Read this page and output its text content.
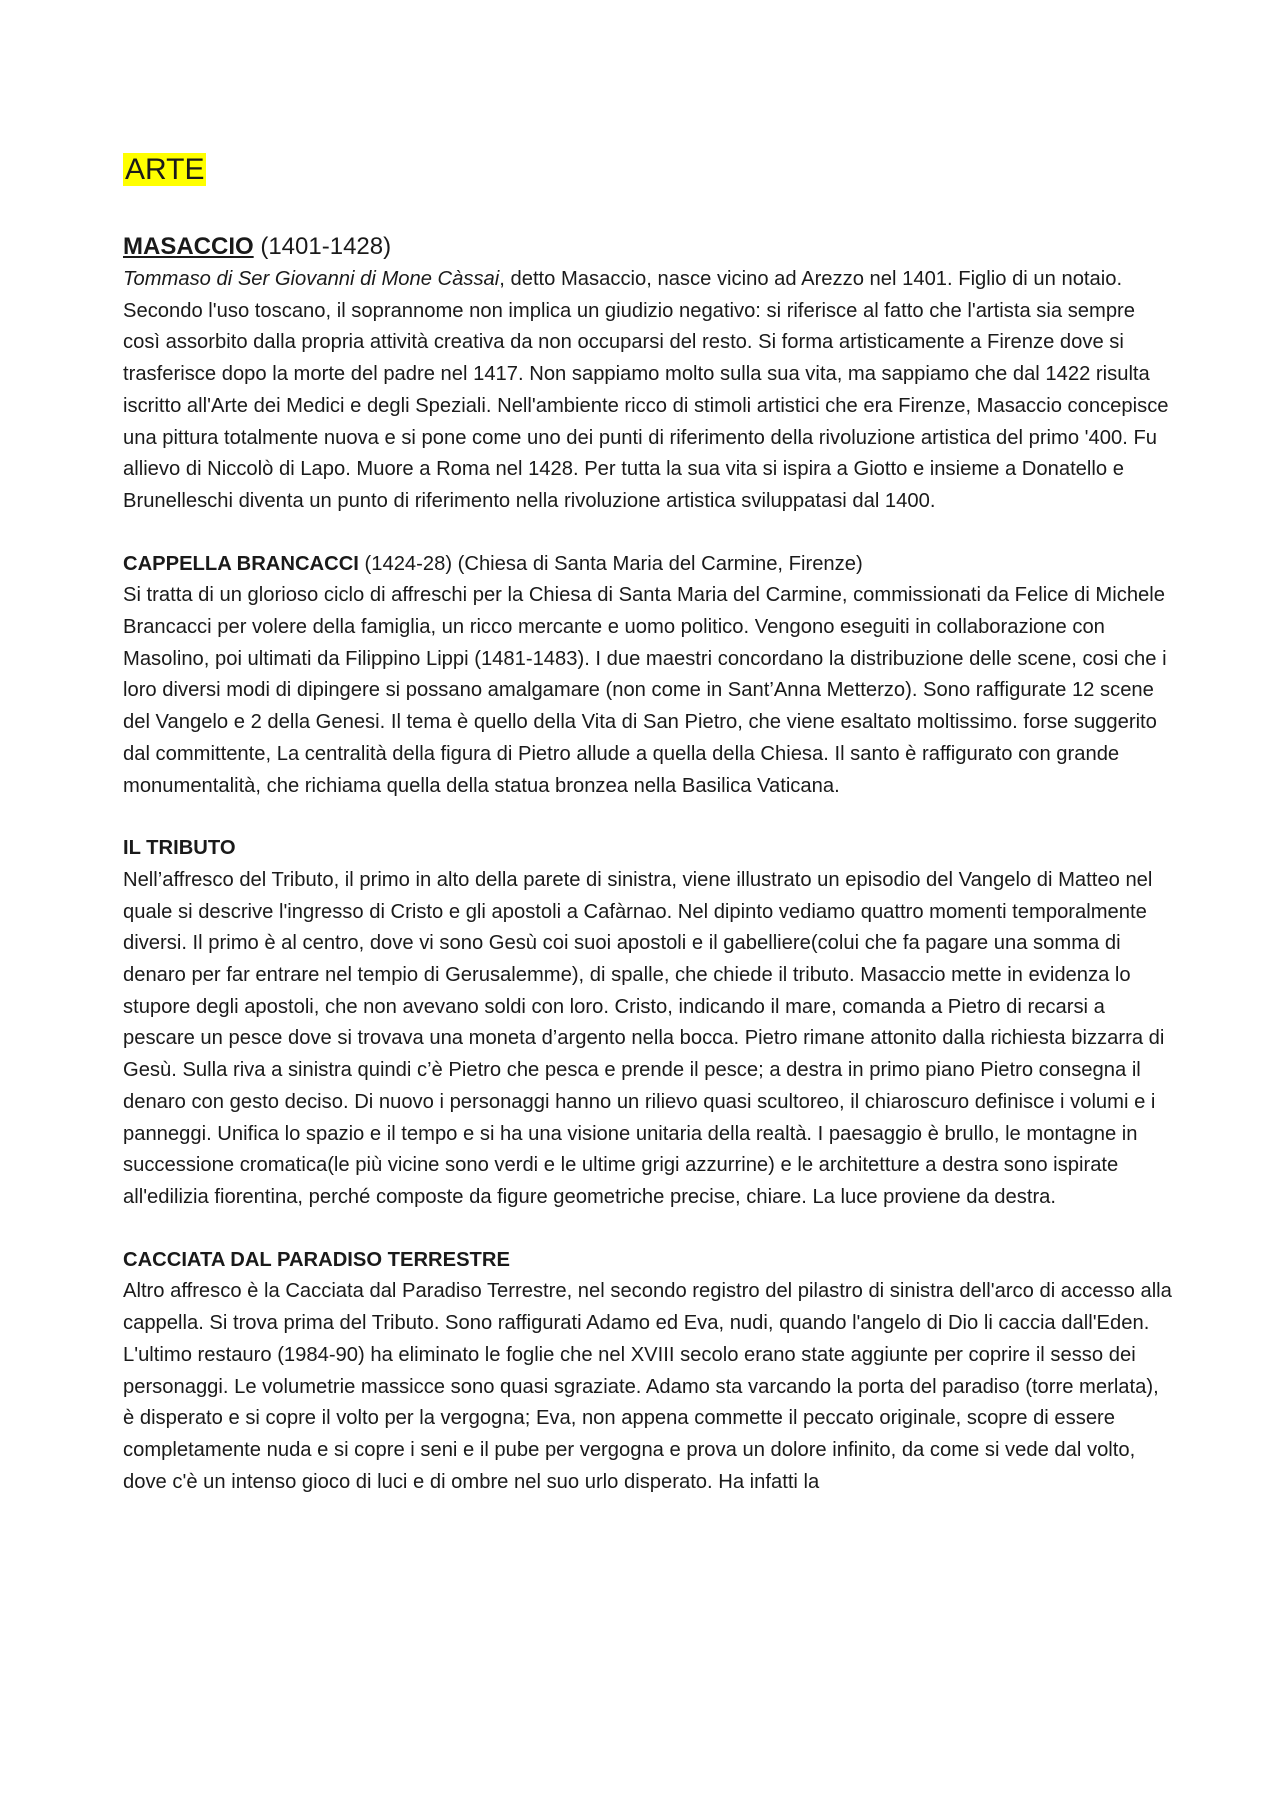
ARTE
MASACCIO (1401-1428)

Tommaso di Ser Giovanni di Mone Càssai, detto Masaccio, nasce vicino ad Arezzo nel 1401. Figlio di un notaio. Secondo l'uso toscano, il soprannome non implica un giudizio negativo: si riferisce al fatto che l'artista sia sempre così assorbito dalla propria attività creativa da non occuparsi del resto. Si forma artisticamente a Firenze dove si trasferisce dopo la morte del padre nel 1417. Non sappiamo molto sulla sua vita, ma sappiamo che dal 1422 risulta iscritto all'Arte dei Medici e degli Speziali. Nell'ambiente ricco di stimoli artistici che era Firenze, Masaccio concepisce una pittura totalmente nuova e si pone come uno dei punti di riferimento della rivoluzione artistica del primo '400. Fu allievo di Niccolò di Lapo. Muore a Roma nel 1428. Per tutta la sua vita si ispira a Giotto e insieme a Donatello e Brunelleschi diventa un punto di riferimento nella rivoluzione artistica sviluppatasi dal 1400.

CAPPELLA BRANCACCI (1424-28) (Chiesa di Santa Maria del Carmine, Firenze)

Si tratta di un glorioso ciclo di affreschi per la Chiesa di Santa Maria del Carmine, commissionati da Felice di Michele Brancacci per volere della famiglia, un ricco mercante e uomo politico. Vengono eseguiti in collaborazione con Masolino, poi ultimati da Filippino Lippi (1481-1483). I due maestri concordano la distribuzione delle scene, cosi che i loro diversi modi di dipingere si possano amalgamare (non come in Sant’Anna Metterzo). Sono raffigurate 12 scene del Vangelo e 2 della Genesi. Il tema è quello della Vita di San Pietro, che viene esaltato moltissimo. forse suggerito dal committente, La centralità della figura di Pietro allude a quella della Chiesa. Il santo è raffigurato con grande monumentalità, che richiama quella della statua bronzea nella Basilica Vaticana.

IL TRIBUTO

Nell’affresco del Tributo, il primo in alto della parete di sinistra, viene illustrato un episodio del Vangelo di Matteo nel quale si descrive l'ingresso di Cristo e gli apostoli a Cafàrnao. Nel dipinto vediamo quattro momenti temporalmente diversi. Il primo è al centro, dove vi sono Gesù coi suoi apostoli e il gabelliere(colui che fa pagare una somma di denaro per far entrare nel tempio di Gerusalemme), di spalle, che chiede il tributo. Masaccio mette in evidenza lo stupore degli apostoli, che non avevano soldi con loro. Cristo, indicando il mare, comanda a Pietro di recarsi a pescare un pesce dove si trovava una moneta d’argento nella bocca. Pietro rimane attonito dalla richiesta bizzarra di Gesù. Sulla riva a sinistra quindi c’è Pietro che pesca e prende il pesce; a destra in primo piano Pietro consegna il denaro con gesto deciso. Di nuovo i personaggi hanno un rilievo quasi scultoreo, il chiaroscuro definisce i volumi e i panneggi. Unifica lo spazio e il tempo e si ha una visione unitaria della realtà. I paesaggio è brullo, le montagne in successione cromatica(le più vicine sono verdi e le ultime grigi azzurrine) e le architetture a destra sono ispirate all'edilizia fiorentina, perché composte da figure geometriche precise, chiare. La luce proviene da destra.

CACCIATA DAL PARADISO TERRESTRE

Altro affresco è la Cacciata dal Paradiso Terrestre, nel secondo registro del pilastro di sinistra dell'arco di accesso alla cappella. Si trova prima del Tributo. Sono raffigurati Adamo ed Eva, nudi, quando l'angelo di Dio li caccia dall'Eden. L'ultimo restauro (1984-90) ha eliminato le foglie che nel XVIII secolo erano state aggiunte per coprire il sesso dei personaggi. Le volumetrie massicce sono quasi sgraziate. Adamo sta varcando la porta del paradiso (torre merlata), è disperato e si copre il volto per la vergogna; Eva, non appena commette il peccato originale, scopre di essere completamente nuda e si copre i seni e il pube per vergogna e prova un dolore infinito, da come si vede dal volto, dove c'è un intenso gioco di luci e di ombre nel suo urlo disperato. Ha infatti la
